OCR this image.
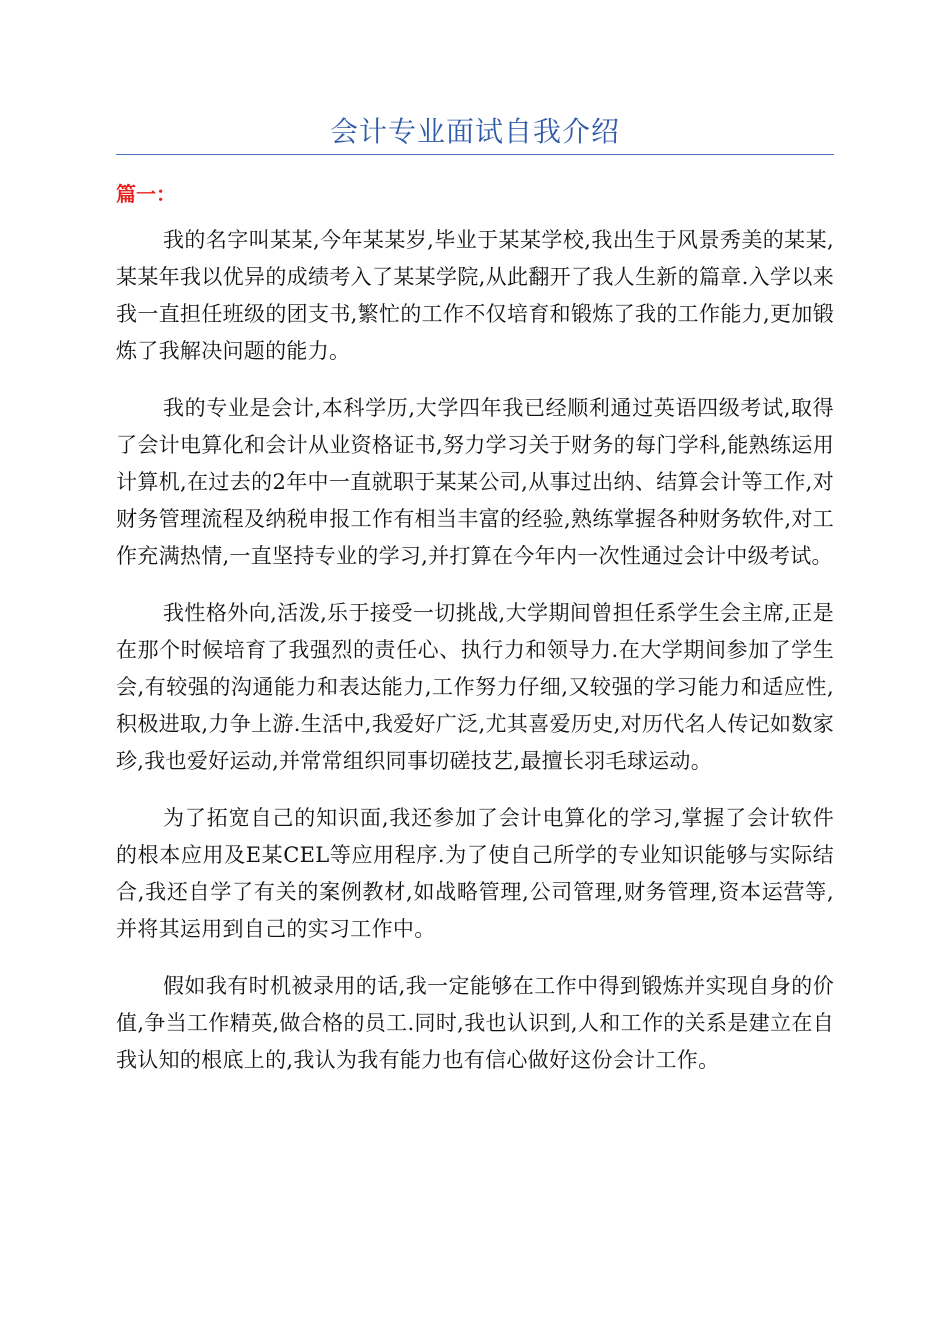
会计专业面试自我介绍
篇一：

我的名字叫某某,今年某某岁,毕业于某某学校,我出生于风景秀美的某某,某某年我以优异的成绩考入了某某学院,从此翻开了我人生新的篇章.入学以来我一直担任班级的团支书,繁忙的工作不仅培育和锻炼了我的工作能力,更加锻炼了我解决问题的能力。

我的专业是会计,本科学历,大学四年我已经顺利通过英语四级考试,取得了会计电算化和会计从业资格证书,努力学习关于财务的每门学科,能熟练运用计算机,在过去的2年中一直就职于某某公司,从事过出纳、结算会计等工作,对财务管理流程及纳税申报工作有相当丰富的经验,熟练掌握各种财务软件,对工作充满热情,一直坚持专业的学习,并打算在今年内一次性通过会计中级考试。

我性格外向,活泼,乐于接受一切挑战,大学期间曾担任系学生会主席,正是在那个时候培育了我强烈的责任心、执行力和领导力.在大学期间参加了学生会,有较强的沟通能力和表达能力,工作努力仔细,又较强的学习能力和适应性,积极进取,力争上游.生活中,我爱好广泛,尤其喜爱历史,对历代名人传记如数家珍,我也爱好运动,并常常组织同事切磋技艺,最擅长羽毛球运动。

为了拓宽自己的知识面,我还参加了会计电算化的学习,掌握了会计软件的根本应用及E某CEL等应用程序.为了使自己所学的专业知识能够与实际结合,我还自学了有关的案例教材,如战略管理,公司管理,财务管理,资本运营等,并将其运用到自己的实习工作中。

假如我有时机被录用的话,我一定能够在工作中得到锻炼并实现自身的价值,争当工作精英,做合格的员工.同时,我也认识到,人和工作的关系是建立在自我认知的根底上的,我认为我有能力也有信心做好这份会计工作。
